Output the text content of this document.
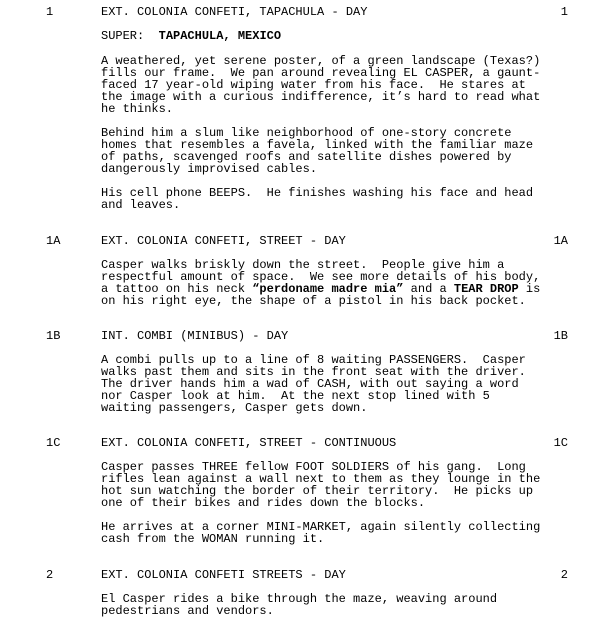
1	EXT. COLONIA CONFETI, TAPACHULA - DAY	1
SUPER: TAPACHULA, MEXICO
A weathered, yet serene poster, of a green landscape (Texas?)
fills our frame.  We pan around revealing EL CASPER, a gaunt-
faced 17 year-old wiping water from his face.  He stares at
the image with a curious indifference, it’s hard to read what
he thinks.
Behind him a slum like neighborhood of one-story concrete
homes that resembles a favela, linked with the familiar maze
of paths, scavenged roofs and satellite dishes powered by
dangerously improvised cables.
His cell phone BEEPS.  He finishes washing his face and head
and leaves.
1A	EXT. COLONIA CONFETI, STREET - DAY	1A
Casper walks briskly down the street.  People give him a
respectful amount of space.  We see more details of his body,
a tattoo on his neck “perdoname madre mia” and a TEAR DROP is
on his right eye, the shape of a pistol in his back pocket.
1B	INT. COMBI (MINIBUS) - DAY	1B
A combi pulls up to a line of 8 waiting PASSENGERS.  Casper
walks past them and sits in the front seat with the driver.
The driver hands him a wad of CASH, with out saying a word
nor Casper look at him.  At the next stop lined with 5
waiting passengers, Casper gets down.
1C	EXT. COLONIA CONFETI, STREET - CONTINUOUS	1C
Casper passes THREE fellow FOOT SOLDIERS of his gang.  Long
rifles lean against a wall next to them as they lounge in the
hot sun watching the border of their territory.  He picks up
one of their bikes and rides down the blocks.
He arrives at a corner MINI-MARKET, again silently collecting
cash from the WOMAN running it.
2	EXT. COLONIA CONFETI STREETS - DAY	2
El Casper rides a bike through the maze, weaving around
pedestrians and vendors.
